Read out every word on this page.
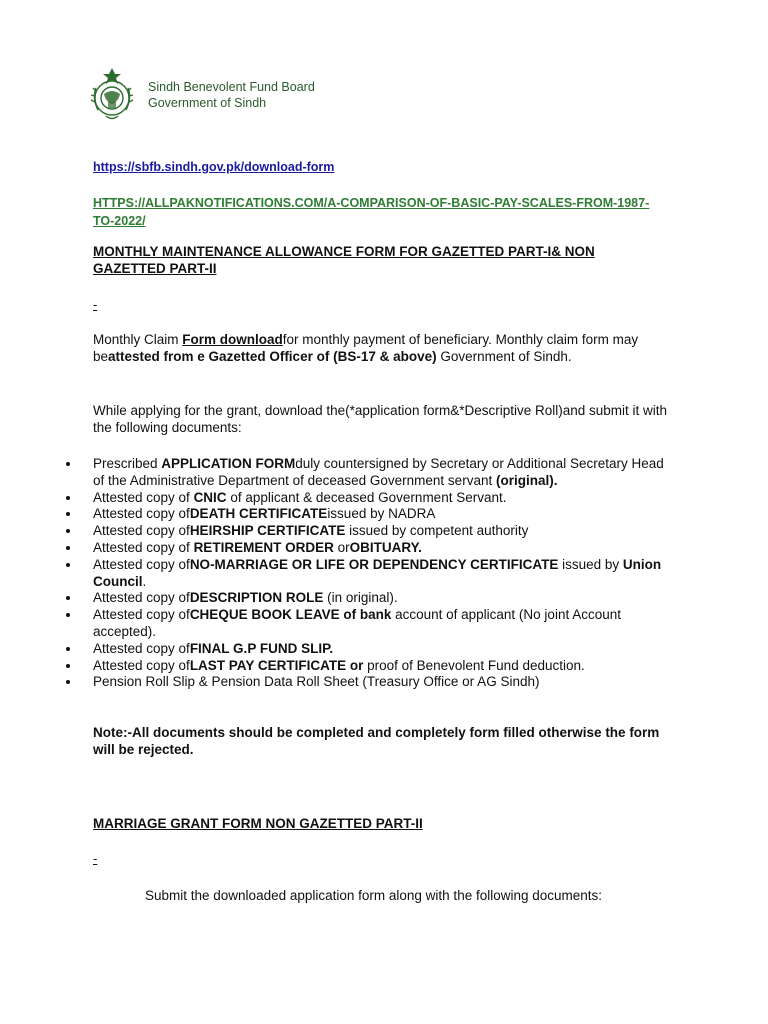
Sindh Benevolent Fund Board
Government of Sindh
https://sbfb.sindh.gov.pk/download-form
HTTPS://ALLPAKNOTIFICATIONS.COM/A-COMPARISON-OF-BASIC-PAY-SCALES-FROM-1987-TO-2022/
MONTHLY MAINTENANCE ALLOWANCE FORM FOR GAZETTED PART-I& NON GAZETTED PART-II
-
Monthly Claim Form downloadfor monthly payment of beneficiary. Monthly claim form may beattested from e Gazetted Officer of (BS-17 & above) Government of Sindh.
While applying for the grant, download the(*application form&*Descriptive Roll)and submit it with the following documents:
Prescribed APPLICATION FORMduly countersigned by Secretary or Additional Secretary Head of the Administrative Department of deceased Government servant (original).
Attested copy of CNIC of applicant & deceased Government Servant.
Attested copy ofDEATH CERTIFICATEissued by NADRA
Attested copy ofHEIRSHIP CERTIFICATE issued by competent authority
Attested copy of RETIREMENT ORDER orOBITUARY.
Attested copy ofNO-MARRIAGE OR LIFE OR DEPENDENCY CERTIFICATE issued by Union Council.
Attested copy ofDESCRIPTION ROLE (in original).
Attested copy ofCHEQUE BOOK LEAVE of bank account of applicant (No joint Account accepted).
Attested copy ofFINAL G.P FUND SLIP.
Attested copy ofLAST PAY CERTIFICATE or proof of Benevolent Fund deduction.
Pension Roll Slip & Pension Data Roll Sheet (Treasury Office or AG Sindh)
Note:-All documents should be completed and completely form filled otherwise the form will be rejected.
MARRIAGE GRANT FORM NON GAZETTED PART-II
-
Submit the downloaded application form along with the following documents:
